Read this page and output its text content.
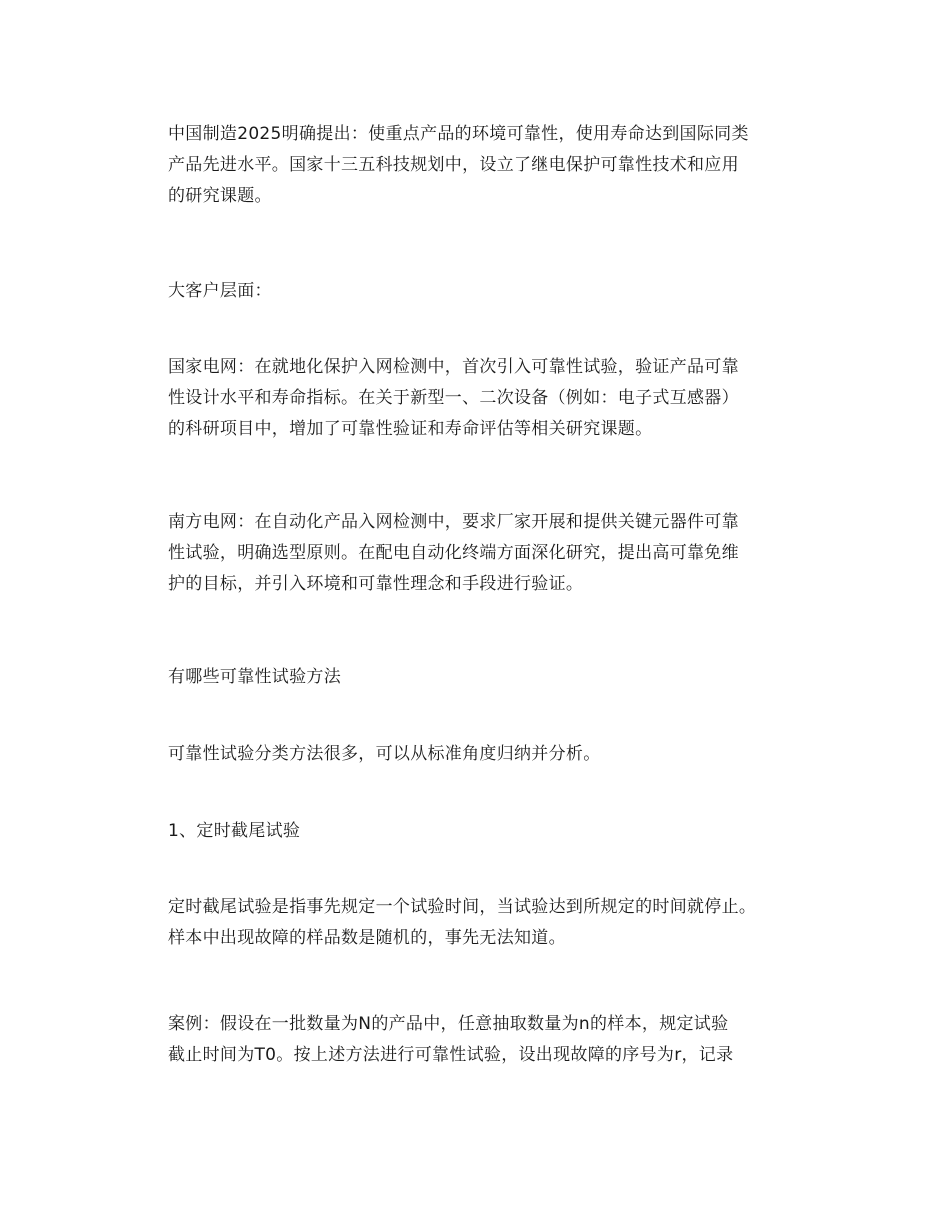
中国制造2025明确提出：使重点产品的环境可靠性，使用寿命达到国际同类
产品先进水平。国家十三五科技规划中，设立了继电保护可靠性技术和应用
的研究课题。

大客户层面：

国家电网：在就地化保护入网检测中，首次引入可靠性试验，验证产品可靠
性设计水平和寿命指标。在关于新型一、二次设备（例如：电子式互感器）
的科研项目中，增加了可靠性验证和寿命评估等相关研究课题。

南方电网：在自动化产品入网检测中，要求厂家开展和提供关键元器件可靠
性试验，明确选型原则。在配电自动化终端方面深化研究，提出高可靠免维
护的目标，并引入环境和可靠性理念和手段进行验证。

有哪些可靠性试验方法

可靠性试验分类方法很多，可以从标准角度归纳并分析。

1、定时截尾试验

定时截尾试验是指事先规定一个试验时间，当试验达到所规定的时间就停止。
样本中出现故障的样品数是随机的，事先无法知道。

案例：假设在一批数量为N的产品中，任意抽取数量为n的样本，规定试验
截止时间为T0。按上述方法进行可靠性试验，设出现故障的序号为r，记录
